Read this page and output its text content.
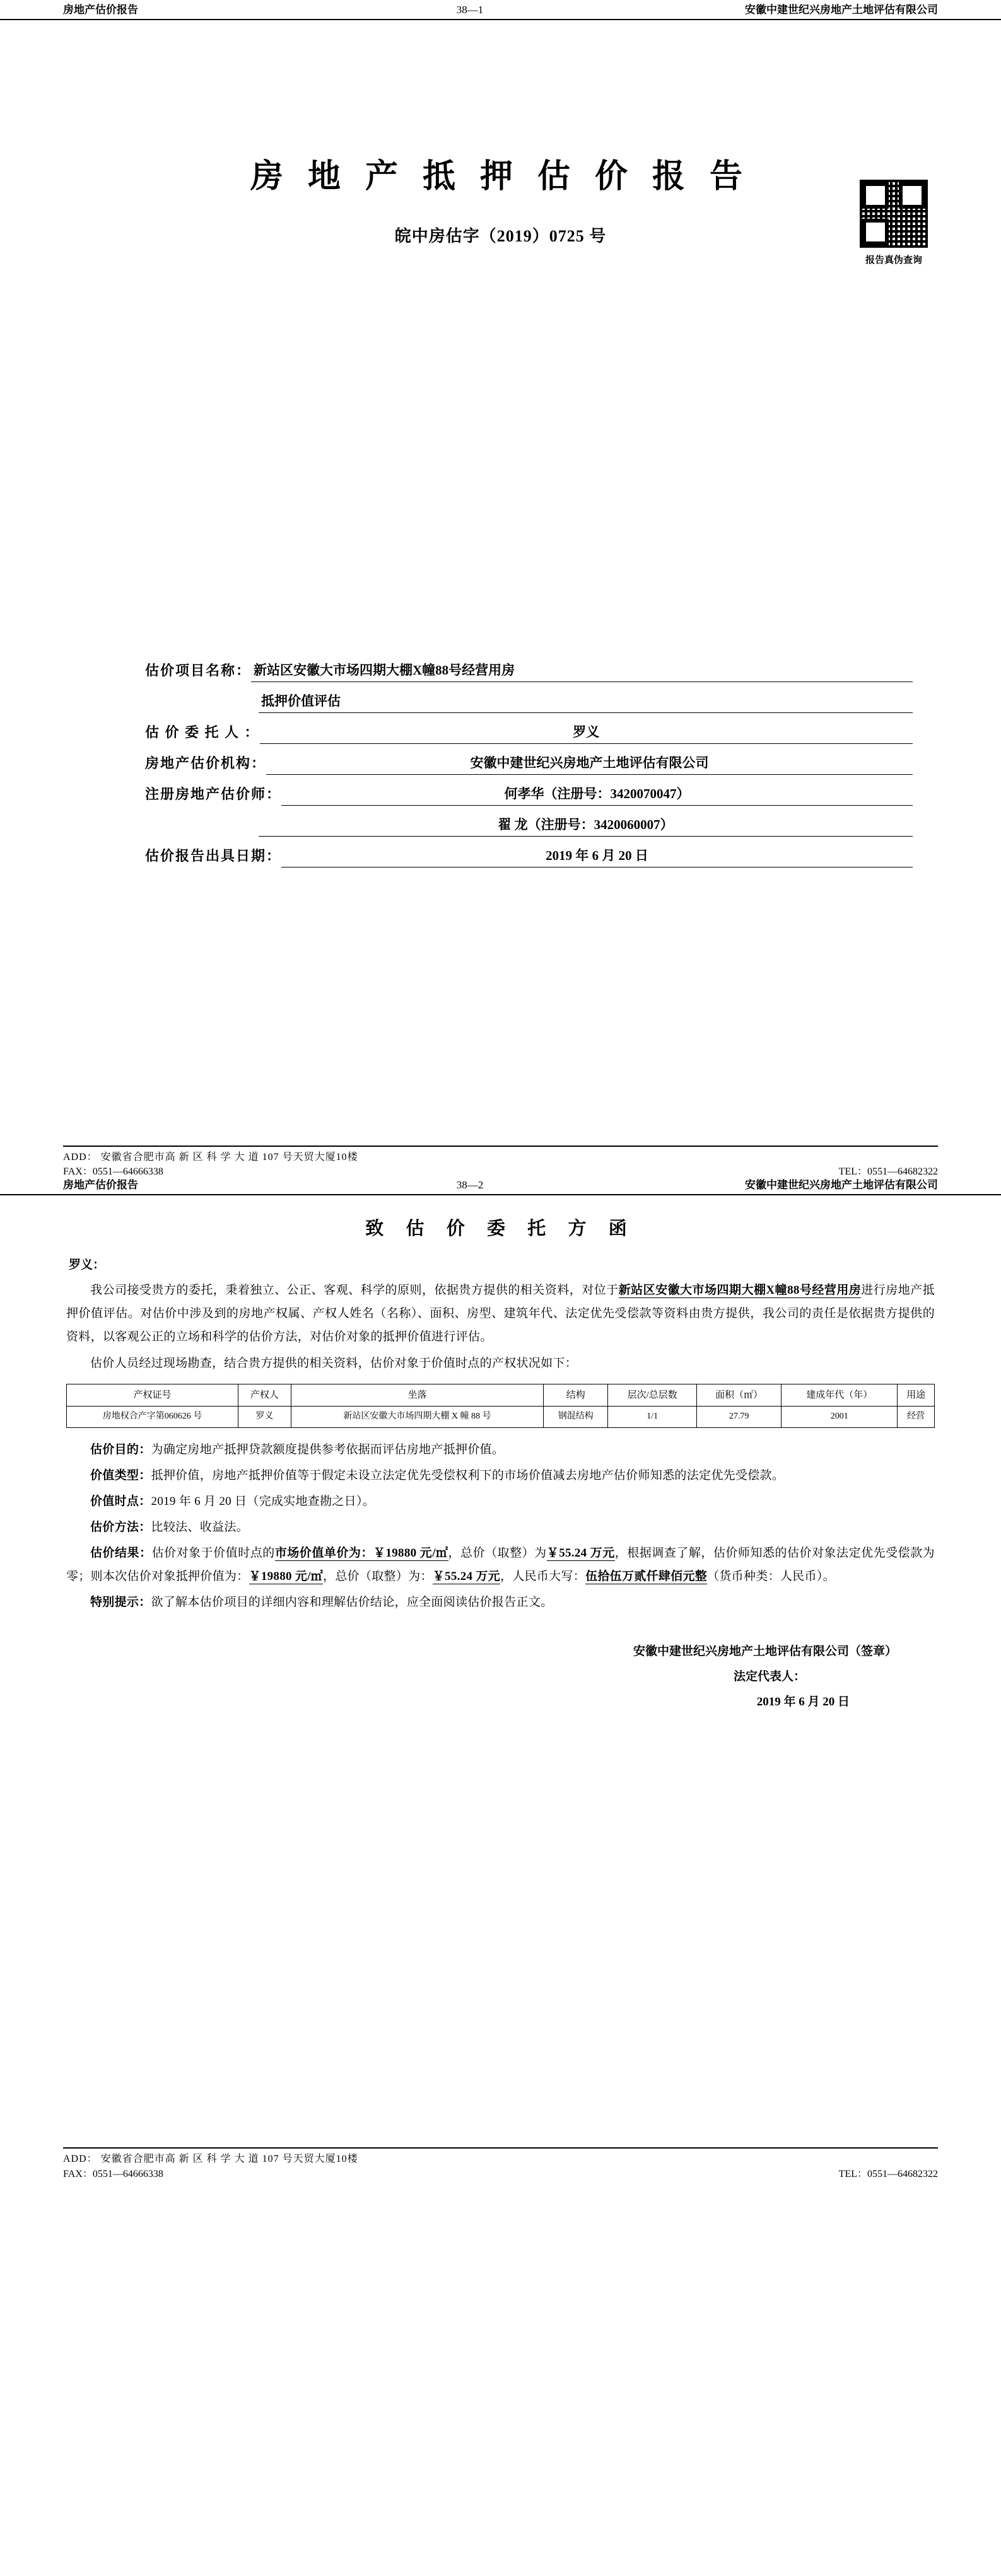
房地产估价报告	38—1	安徽中建世纪兴房地产土地评估有限公司
报告真伪查询
房 地 产 抵 押 估 价 报 告
皖中房估字（2019）0725 号
估价项目名称： 新站区安徽大市场四期大棚X幢88号经营用房
抵押价值评估
估 价 委 托 人 ：	罗义
房地产估价机构：	安徽中建世纪兴房地产土地评估有限公司
注册房地产估价师：	何孝华（注册号：3420070047）
翟 龙（注册号：3420060007）
估价报告出具日期：	2019 年 6 月 20 日
ADD： 安徽省合肥市高 新 区 科 学 大 道 107 号天贸大厦10楼
FAX：0551—64666338	TEL：0551—64682322
房地产估价报告	38—2	安徽中建世纪兴房地产土地评估有限公司
致 估 价 委 托 方 函
罗义：

我公司接受贵方的委托，秉着独立、公正、客观、科学的原则，依据贵方提供的相关资料，对位于新站区安徽大市场四期大棚X幢88号经营用房进行房地产抵押价值评估。对估价中涉及到的房地产权属、产权人姓名（名称）、面积、房型、建筑年代、法定优先受偿款等资料由贵方提供，我公司的责任是依据贵方提供的资料，以客观公正的立场和科学的估价方法，对估价对象的抵押价值进行评估。

估价人员经过现场勘查，结合贵方提供的相关资料，估价对象于价值时点的产权状况如下：

产权证号	产权人	坐落	结构	层次/总层数	面积（㎡）	建成年代（年）	用途
房地权合产字第060626 号	罗义	新站区安徽大市场四期大棚 X 幢 88 号	钢混结构	1/1	27.79	2001	经营

估价目的：为确定房地产抵押贷款额度提供参考依据而评估房地产抵押价值。

价值类型：抵押价值，房地产抵押价值等于假定未设立法定优先受偿权利下的市场价值减去房地产估价师知悉的法定优先受偿款。

价值时点：2019 年 6 月 20 日（完成实地查勘之日）。

估价方法：比较法、收益法。

估价结果：估价对象于价值时点的市场价值单价为：￥19880 元/㎡，总价（取整）为￥55.24 万元，根据调查了解，估价师知悉的估价对象法定优先受偿款为零；则本次估价对象抵押价值为：￥19880 元/㎡，总价（取整）为：￥55.24 万元，人民币大写：伍拾伍万贰仟肆佰元整（货币种类：人民币）。

特别提示：欲了解本估价项目的详细内容和理解估价结论，应全面阅读估价报告正文。

安徽中建世纪兴房地产土地评估有限公司（签章）
法定代表人：
2019 年 6 月 20 日
ADD： 安徽省合肥市高 新 区 科 学 大 道 107 号天贸大厦10楼
FAX：0551—64666338	TEL：0551—64682322
